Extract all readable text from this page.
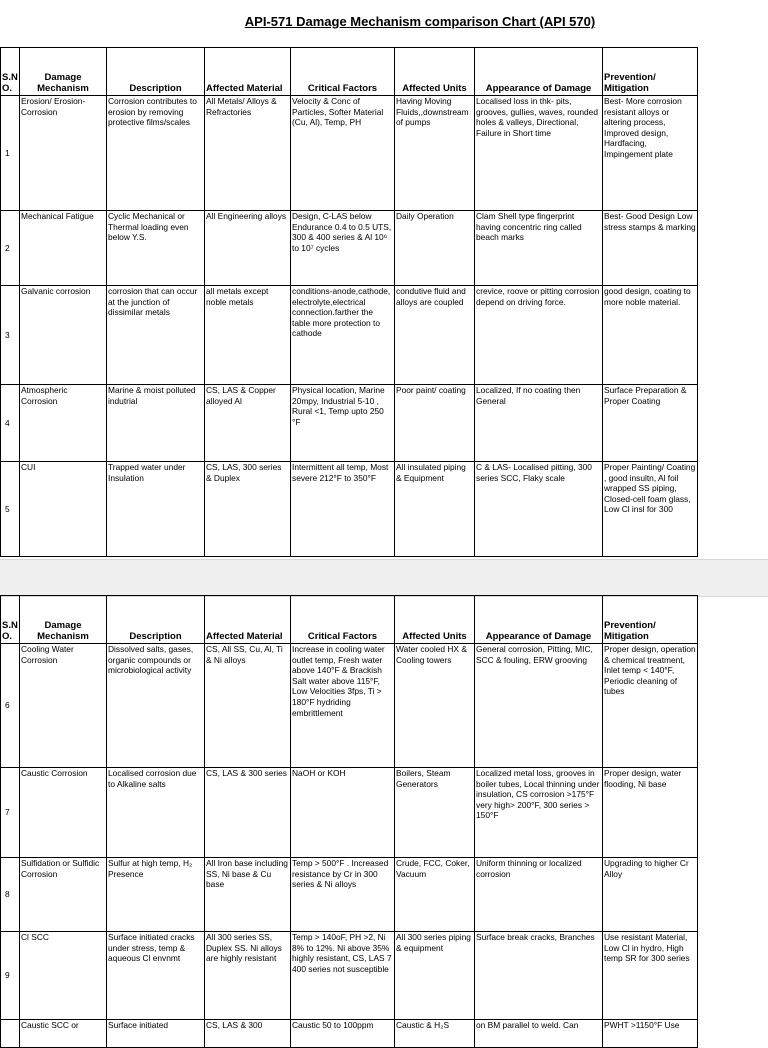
API-571 Damage Mechanism comparison Chart (API 570)
S.N O.	Damage Mechanism	Description	Affected Material	Critical Factors	Affected Units	Appearance of Damage	Prevention/ Mitigation
1	Erosion/ Erosion-Corrosion	Corrosion contributes to erosion by removing protective films/scales	All Metals/ Alloys & Refractories	Velocity & Conc of Particles, Softer Material (Cu, Al), Temp, PH	Having Moving Fluids,,downstream of pumps	Localised loss in thk- pits, grooves, gullies, waves, rounded holes & valleys, Directional, Failure in Short time	Best- More corrosion resistant alloys or altering process, Improved design, Hardfacing, Impingement plate
2	Mechanical Fatigue	Cyclic Mechanical or Thermal loading even below Y.S.	All Engineering alloys	Design, C-LAS below Endurance 0.4 to 0.5 UTS, 300 & 400 series & Al 10⁶ to 10⁷ cycles	Daily Operation	Clam Shell type fingerprint having concentric ring called beach marks	Best- Good Design Low stress stamps & marking
3	Galvanic corrosion	corrosion that can occur at the junction of dissimilar metals	all metals except noble metals	conditions-anode,cathode, electrolyte,electrical connection.farther the table more protection to cathode	condutive fluid and alloys are coupled	crevice, roove or pitting corrosion depend on driving force.	good design, coating to more noble material.
4	Atmospheric Corrosion	Marine & moist polluted indutrial	CS, LAS & Copper alloyed Al	Physical location, Marine 20mpy, Industrial 5-10 , Rural <1, Temp upto 250 °F	Poor paint/ coating	Localized, If no coating then General	Surface Preparation & Proper Coating
5	CUI	Trapped water under Insulation	CS, LAS, 300 series & Duplex	Intermittent all temp, Most severe 212°F to 350°F	All insulated piping & Equipment	C & LAS- Localised pitting, 300 series SCC, Flaky scale	Proper Painting/ Coating , good insultn, Al foil wrapped SS piping, Closed-cell foam glass, Low Cl insl for 300
S.N O.	Damage Mechanism	Description	Affected Material	Critical Factors	Affected Units	Appearance of Damage	Prevention/ Mitigation
6	Cooling Water Corrosion	Dissolved salts, gases, organic compounds or microbiological activity	CS, All SS, Cu, Al, Ti & Ni alloys	Increase in cooling water outlet temp, Fresh water above 140°F & Brackish Salt water above 115°F, Low Velocities 3fps, Ti > 180°F hydriding embrittlement	Water cooled HX & Cooling towers	General corrosion, Pitting, MIC, SCC & fouling, ERW grooving	Proper design, operation & chemical treatment, Inlet temp < 140°F, Periodic cleaning of tubes
7	Caustic Corrosion	Localised corrosion due to Alkaline salts	CS, LAS & 300 series	NaOH or KOH	Boilers, Steam Generators	Localized metal loss, grooves in boiler tubes, Local thinning under insulation, CS corrosion >175°F very high> 200°F, 300 series > 150°F	Proper design, water flooding, Ni base
8	Sulfidation or Sulfidic Corrosion	Sulfur at high temp, H₂ Presence	All Iron base including SS, Ni base & Cu base	Temp > 500°F . Increased resistance by Cr in 300 series & Ni alloys	Crude, FCC, Coker, Vacuum	Uniform thinning or localized corrosion	Upgrading to higher Cr Alloy
9	Cl SCC	Surface initiated cracks under stress, temp & aqueous Cl envnmt	All 300 series SS, Duplex SS. Ni alloys are highly resistant	Temp > 140oF, PH >2, Ni 8% to 12%. Ni above 35% highly resistant, CS, LAS 7 400 series not susceptible	All 300 series piping & equipment	Surface break cracks, Branches	Use resistant Material, Low Cl in hydro, High temp SR for 300 series
	Caustic SCC or	Surface initiated	CS, LAS & 300	Caustic 50 to 100ppm	Caustic & H₂S	on BM parallel to weld. Can	PWHT >1150°F Use
